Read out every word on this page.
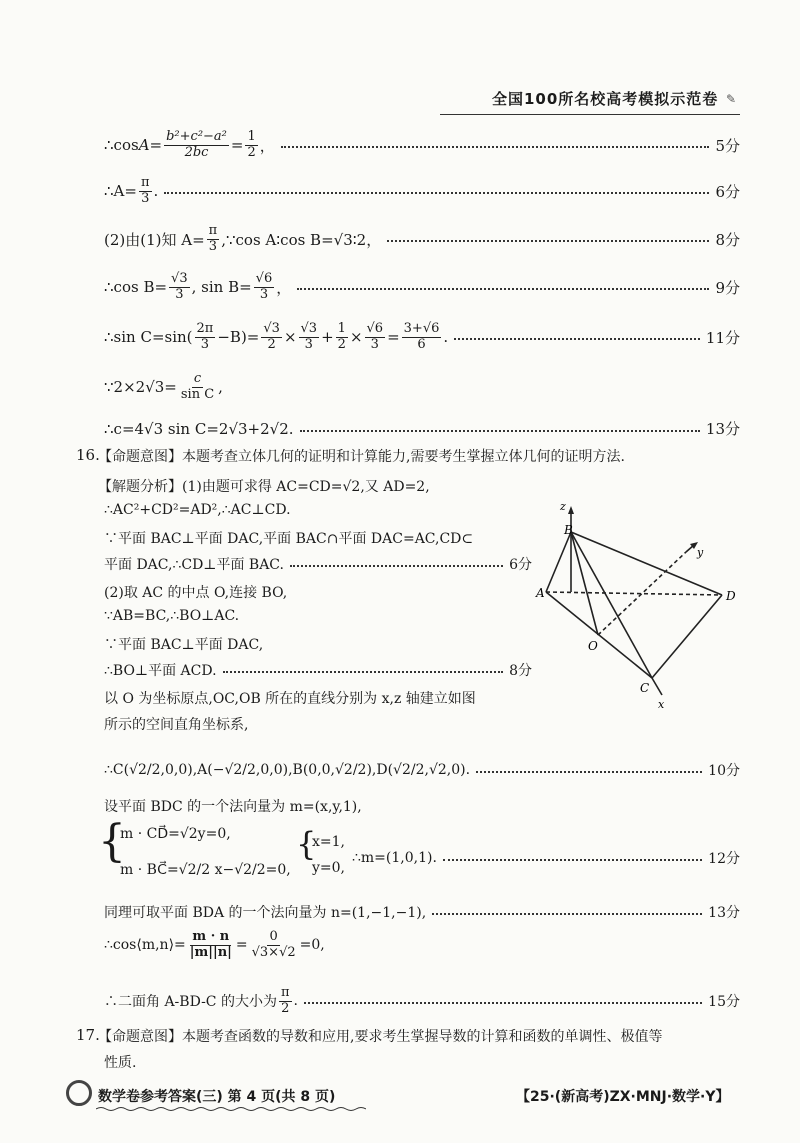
全国100所名校高考模拟示范卷 ✎
∴cos $A = \frac{\text{b²+c²−a²}}{2bc} = \frac{1}{2}$ ，	5分
∴A= $\frac{\pi}{3}$ .	6分
(2)由(1)知 $A= \frac{\pi}{3}$ ,∵cos A∶cos B=√3∶2，	8分
∴cos $B= \frac{√3}{3}$ , $\sin B= \frac{√6}{3}$ ，	9分
∴sin $C=\sin( \frac{2\pi}{3} -B)= \frac{√3}{2} \times \frac{√3}{3} + \frac{1}{2} \times \frac{√6}{3} = \frac{3+√6}{6}$ .	11分
∵2×2√3= $\frac{c}{\text{sin C}}$ ,
∴c=4√3 sin C=2√3+2√2.	13分
16.
【命题意图】本题考查立体几何的证明和计算能力,需要考生掌握立体几何的证明方法.
【解题分析】(1)由题可求得 AC=CD=√2,又 AD=2,
∴AC²+CD²=AD²,∴AC⊥CD.
∵平面 BAC⊥平面 DAC,平面 BAC∩平面 DAC=AC,CD⊂
平面 DAC,∴CD⊥平面 BAC.	6分
(2)取 AC 的中点 O,连接 BO,
∵AB=BC,∴BO⊥AC.
∵平面 BAC⊥平面 DAC,
∴BO⊥平面 ACD.	8分
以 O 为坐标原点,OC,OB 所在的直线分别为 x,z 轴建立如图
所示的空间直角坐标系,
∴C(√2/2,0,0),A(−√2/2,0,0),B(0,0,√2/2),D(√2/2,√2,0).	10分
设平面 BDC 的一个法向量为 m=(x,y,1),
{
m · CD⃗=√2y=0,
m · BC⃗=√2/2 x−√2/2=0,
{
x=1,
y=0,
∴m=(1,0,1).	12分
同理可取平面 BDA 的一个法向量为 n=(1,−1,−1),	13分
∴cos⟨m,n⟩= $\frac{m \cdot n}{|m||n|} = \frac{0}{√3\times√2} =0$,
∴二面角 A-BD-C 的大小为 $\frac{\pi}{2}$ .	15分
17.
【命题意图】本题考查函数的导数和应用,要求考生掌握导数的计算和函数的单调性、极值等
性质.
z
B
A	D
O
C
x
y
数学卷参考答案(三) 第 4 页(共 8 页)	【25·(新高考)ZX·MNJ·数学·Y】
